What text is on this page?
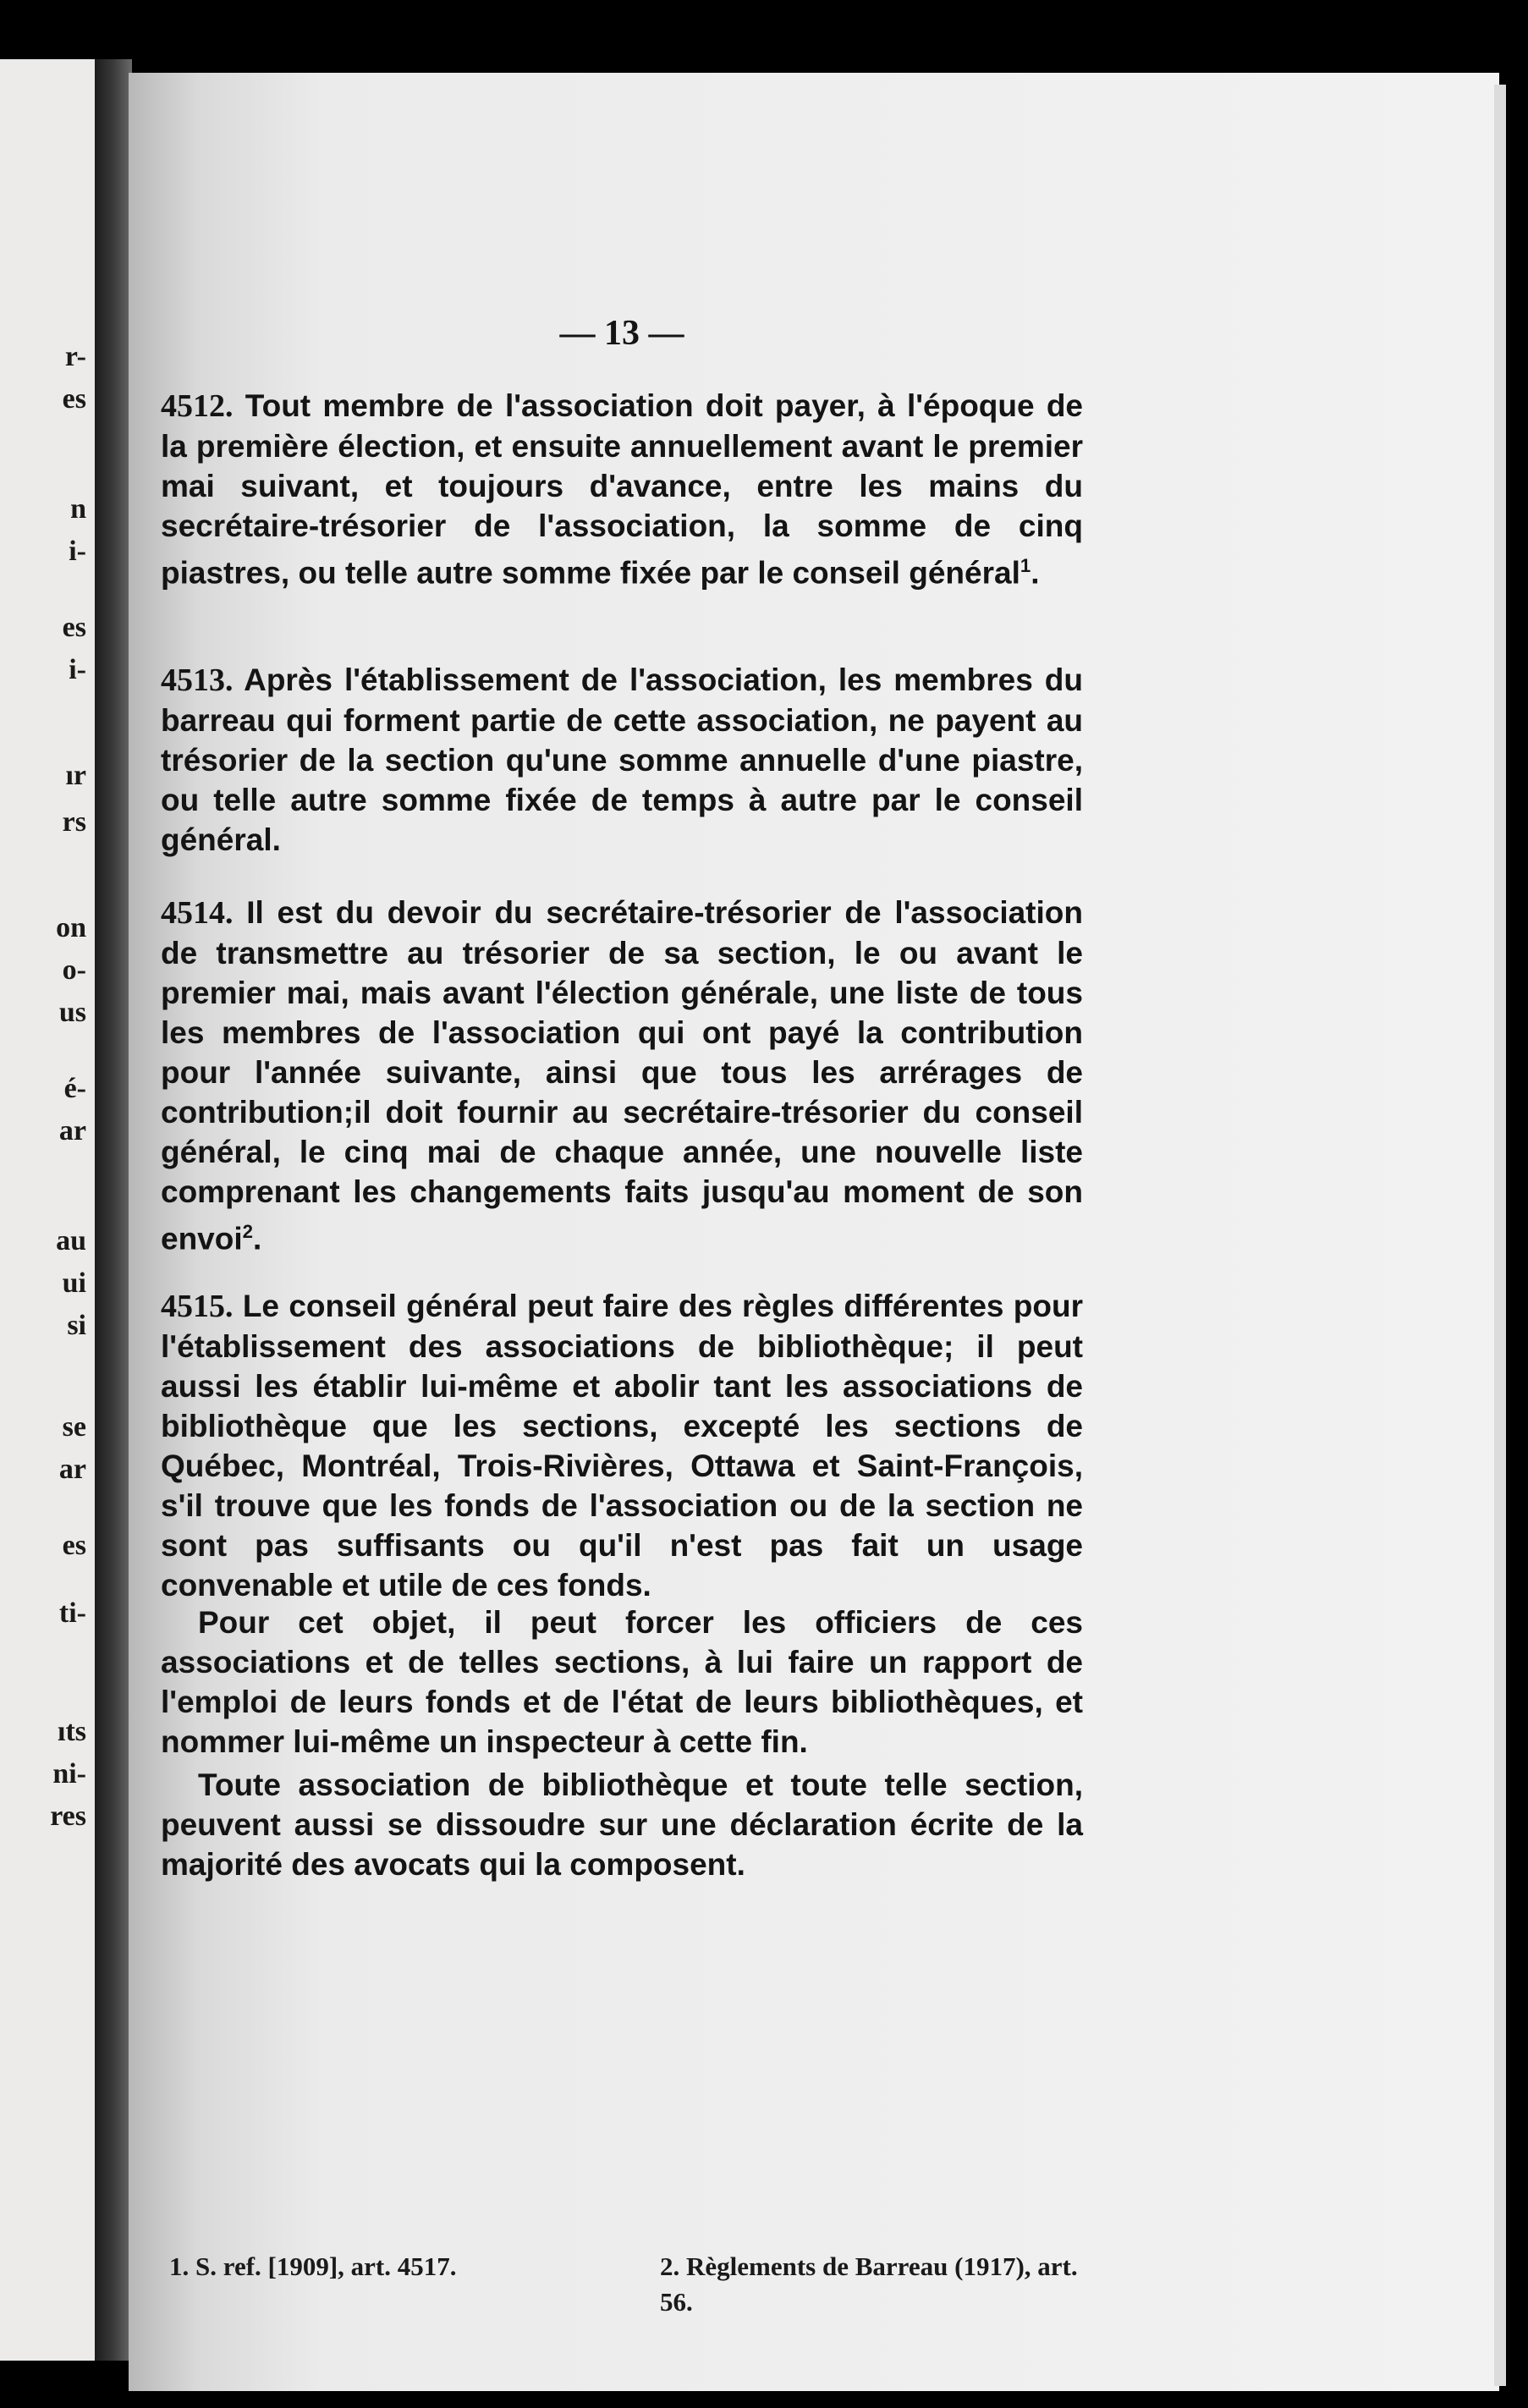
r-
es
n
i-
es
i-
ır
rs
on
o-
us
é-
ar
au
ui
si
se
ar
es
ti-
ıts
ni-
res
— 13 —

4512. Tout membre de l'association doit payer, à l'époque de la première élection, et ensuite annuellement avant le premier mai suivant, et toujours d'avance, entre les mains du secrétaire-trésorier de l'association, la somme de cinq piastres, ou telle autre somme fixée par le conseil général$^1$.

4513. Après l'établissement de l'association, les membres du barreau qui forment partie de cette association, ne payent au trésorier de la section qu'une somme annuelle d'une piastre, ou telle autre somme fixée de temps à autre par le conseil général.

4514. Il est du devoir du secrétaire-trésorier de l'association de transmettre au trésorier de sa section, le ou avant le premier mai, mais avant l'élection générale, une liste de tous les membres de l'association qui ont payé la contribution pour l'année suivante, ainsi que tous les arrérages de contribution;il doit fournir au secrétaire-trésorier du conseil général, le cinq mai de chaque année, une nouvelle liste comprenant les changements faits jusqu'au moment de son envoi$^2$.

4515. Le conseil général peut faire des règles différentes pour l'établissement des associations de bibliothèque; il peut aussi les établir lui-même et abolir tant les associations de bibliothèque que les sections, excepté les sections de Québec, Montréal, Trois-Rivières, Ottawa et Saint-François, s'il trouve que les fonds de l'association ou de la section ne sont pas suffisants ou qu'il n'est pas fait un usage convenable et utile de ces fonds.

Pour cet objet, il peut forcer les officiers de ces associations et de telles sections, à lui faire un rapport de l'emploi de leurs fonds et de l'état de leurs bibliothèques, et nommer lui-même un inspecteur à cette fin.

Toute association de bibliothèque et toute telle section, peuvent aussi se dissoudre sur une déclaration écrite de la majorité des avocats qui la composent.

1. S. ref. [1909], art. 4517.	2. Règlements de Barreau (1917), art. 56.
